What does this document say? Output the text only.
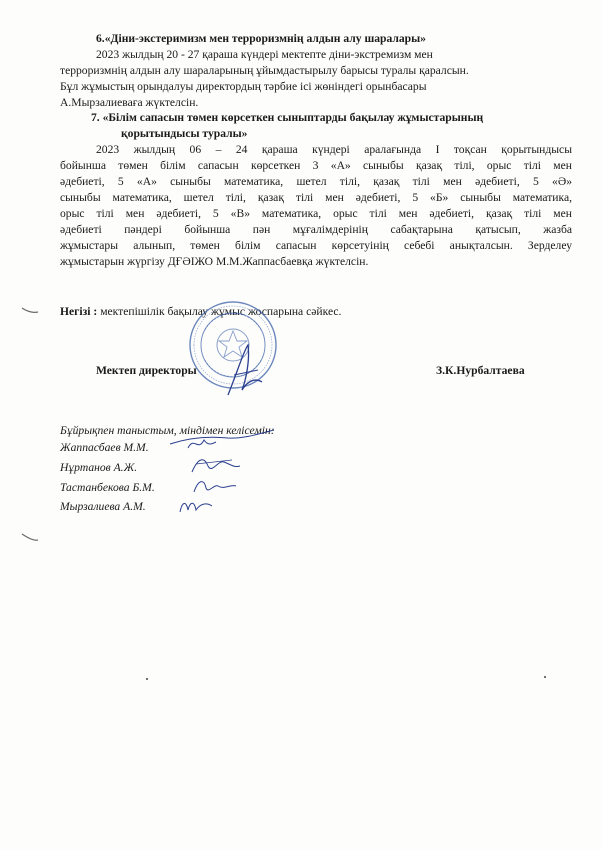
6.«Діни-экстеримизм мен терроризмнің алдын алу шаралары»
2023 жылдың 20 - 27 қараша күндері мектепте діни-экстремизм мен
терроризмнің алдын алу шараларының ұйымдастырылу барысы туралы қаралсын.
Бұл жұмыстың орындалуы директордың тәрбие ісі жөніндегі орынбасары
А.Мырзалиеваға жүктелсін.
7. «Білім сапасын төмен көрсеткен сыныптарды бақылау жұмыстарының
қорытындысы туралы»
2023 жылдың 06 – 24 қараша күндері аралағында I тоқсан қорытындысы
бойынша төмен білім сапасын көрсеткен 3 «А» сыныбы қазақ тілі, орыс тілі мен
әдебиеті, 5 «А» сыныбы математика, шетел тілі, қазақ тілі мен әдебиеті, 5 «Ә»
сыныбы математика, шетел тілі, қазақ тілі мен әдебиеті, 5 «Б» сыныбы математика,
орыс тілі мен әдебиеті, 5 «В» математика, орыс тілі мен әдебиеті, қазақ тілі мен
әдебиеті пәндері бойынша пән мұғалімдерінің сабақтарына қатысып, жазба
жұмыстары алынып, төмен білім сапасын көрсетуінің себебі анықталсын. Зерделеу
жұмыстарын жүргізу ДҒӘІЖО М.М.Жаппасбаевқа жүктелсін.
Негізі : мектепішілік бақылау жұмыс жоспарына сәйкес.
Мектеп директоры	З.К.Нурбалтаева
Бұйрықпен таныстым, міндімен келісемін:
Жаппасбаев М.М.
Нұртанов А.Ж.
Тастанбекова Б.М.
Мырзалиева А.М.
